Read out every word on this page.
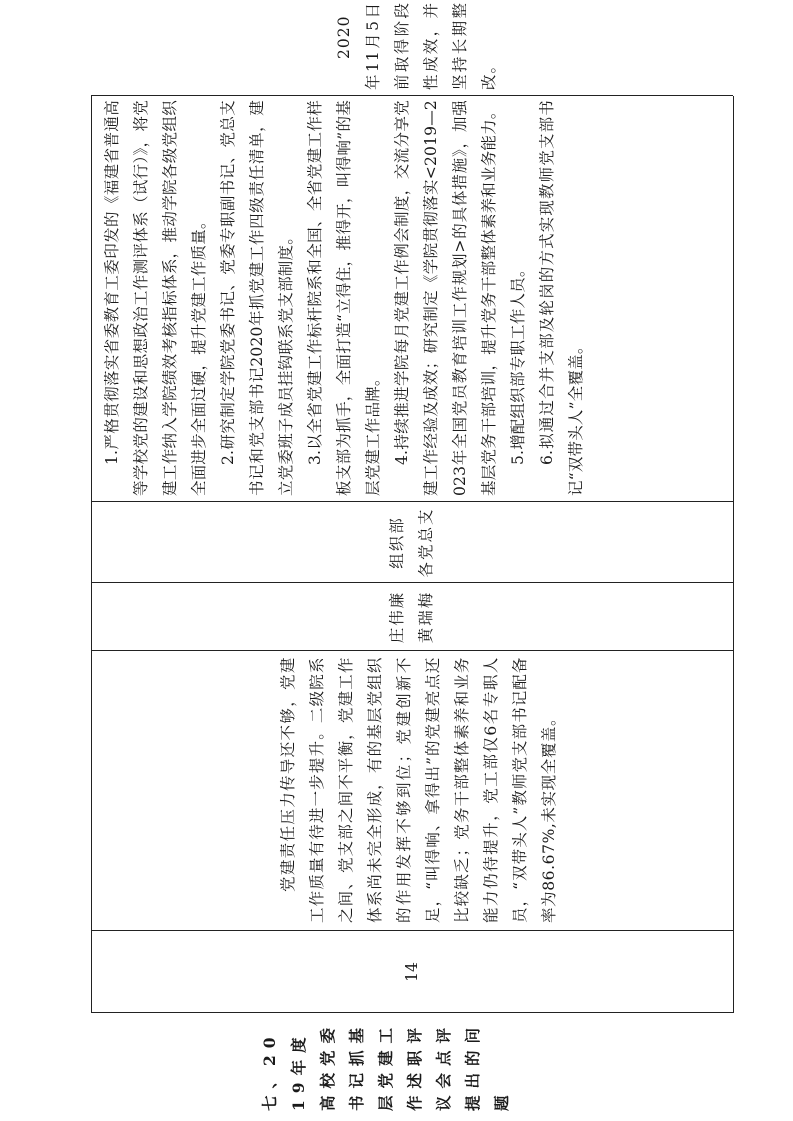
七、2019年度高校党委书记抓基层党建工作述职评议会点评提出的问题

14

党建责任压力传导还不够，党建工作质量有待进一步提升。二级院系之间、党支部之间不平衡，党建工作体系尚未完全形成，有的基层党组织的作用发挥不够到位；党建创新不足，“叫得响、拿得出”的党建亮点还比较缺乏；党务干部整体素养和业务能力仍待提升，党工部仅6名专职人员，“双带头人”教师党支部书记配备率为86.67%,未实现全覆盖。

庄伟廉 黄瑞梅
组织部 各党总支

1.严格贯彻落实省委教育工委印发的《福建省普通高等学校党的建设和思想政治工作测评体系（试行）》，将党建工作纳入学院绩效考核指标体系，推动学院各级党组织全面进步全面过硬，提升党建工作质量。 2.研究制定学院党委书记、党委专职副书记、党总支书记和党支部书记2020年抓党建工作四级责任清单，建立党委班子成员挂钩联系党支部制度。 3.以全省党建工作标杆院系和全国、全省党建工作样板支部为抓手，全面打造“立得住，推得开，叫得响”的基层党建工作品牌。 4.持续推进学院每月党建工作例会制度，交流分享党建工作经验及成效；研究制定《学院贯彻落实<2019—2023年全国党员教育培训工作规划>的具体措施》，加强基层党务干部培训，提升党务干部整体素养和业务能力。 5.增配组织部专职工作人员。 6.拟通过合并支部及轮岗的方式实现教师党支部书记“双带头人”全覆盖。

2020年11月5日前取得阶段性成效，并坚持长期整改。
